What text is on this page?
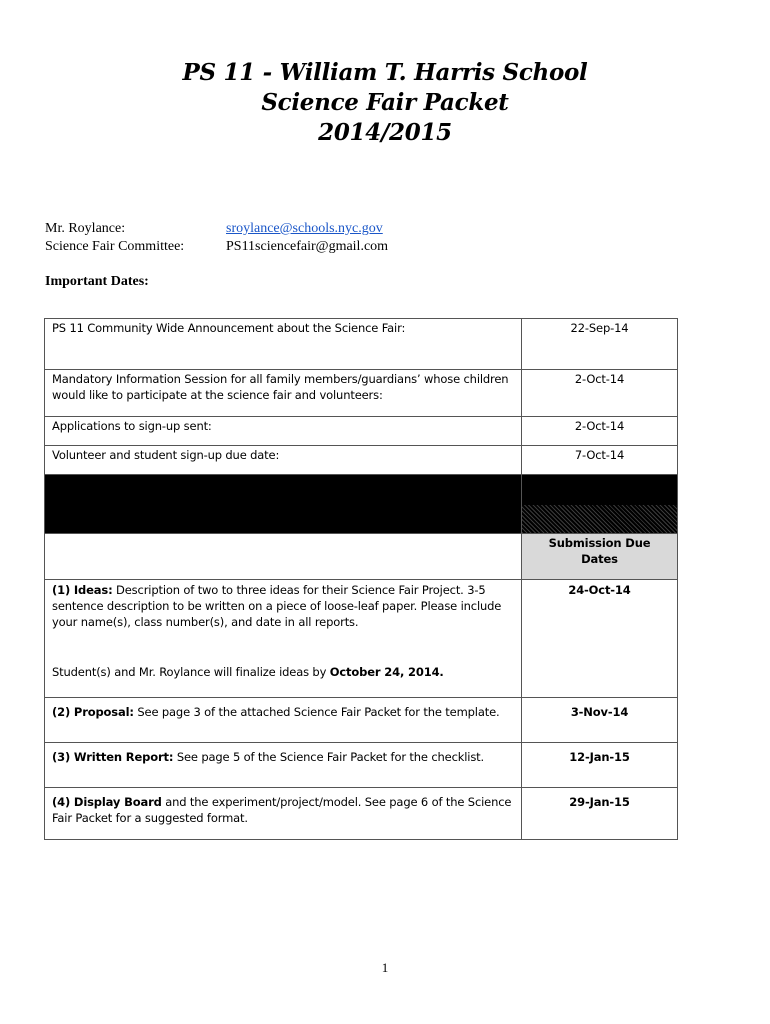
PS 11 - William T. Harris School
Science Fair Packet
2014/2015
Mr. Roylance:	sroylance@schools.nyc.gov
Science Fair Committee:	PS11sciencefair@gmail.com
Important Dates:
PS 11 Community Wide Announcement about the Science Fair:	22-Sep-14
Mandatory Information Session for all family members/guardians’ whose children would like to participate at the science fair and volunteers:	2-Oct-14
Applications to sign-up sent:	2-Oct-14
Volunteer and student sign-up due date:	7-Oct-14

	Submission Due Dates
(1) Ideas: Description of two to three ideas for their Science Fair Project. 3-5 sentence description to be written on a piece of loose-leaf paper. Please include your name(s), class number(s), and date in all reports.	24-Oct-14
Student(s) and Mr. Roylance will finalize ideas by October 24, 2014.	
(2) Proposal: See page 3 of the attached Science Fair Packet for the template.	3-Nov-14
(3) Written Report: See page 5 of the Science Fair Packet for the checklist.	12-Jan-15
(4) Display Board and the experiment/project/model. See page 6 of the Science Fair Packet for a suggested format.	29-Jan-15
1
